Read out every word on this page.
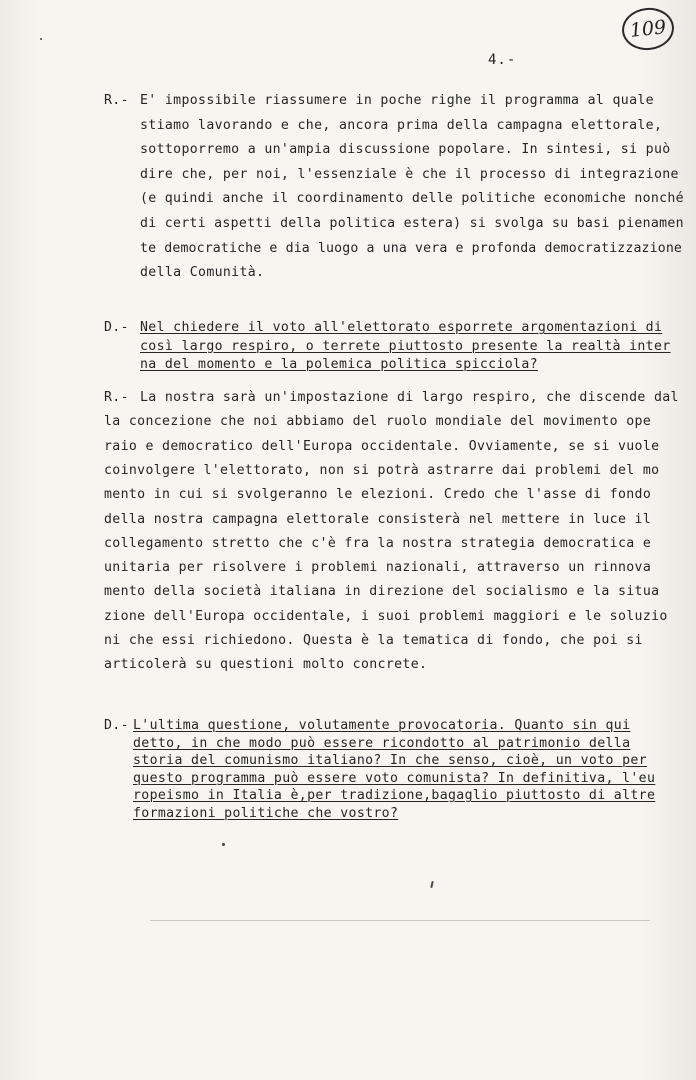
109
4.-
R.- E' impossibile riassumere in poche righe il programma al quale
stiamo lavorando e che, ancora prima della campagna elettorale,
sottoporremo a un'ampia discussione popolare. In sintesi, si può
dire che, per noi, l'essenziale è che il processo di integrazione
(e quindi anche il coordinamento delle politiche economiche nonché
di certi aspetti della politica estera) si svolga su basi pienamen
te democratiche e dia luogo a una vera e profonda democratizzazione
della Comunità.
D.- Nel chiedere il voto all'elettorato esporrete argomentazioni di
così largo respiro, o terrete piuttosto presente la realtà inter
na del momento e la polemica politica spicciola?
R.- La nostra sarà un'impostazione di largo respiro, che discende dal
la concezione che noi abbiamo del ruolo mondiale del movimento ope
raio e democratico dell'Europa occidentale. Ovviamente, se si vuole
coinvolgere l'elettorato, non si potrà astrarre dai problemi del mo
mento in cui si svolgeranno le elezioni. Credo che l'asse di fondo
della nostra campagna elettorale consisterà nel mettere in luce il
collegamento stretto che c'è fra la nostra strategia democratica e
unitaria per risolvere i problemi nazionali, attraverso un rinnova
mento della società italiana in direzione del socialismo e la situa
zione dell'Europa occidentale, i suoi problemi maggiori e le soluzio
ni che essi richiedono. Questa è la tematica di fondo, che poi si
articolerà su questioni molto concrete.
D.- L'ultima questione, volutamente provocatoria. Quanto sin qui
detto, in che modo può essere ricondotto al patrimonio della
storia del comunismo italiano? In che senso, cioè, un voto per
questo programma può essere voto comunista? In definitiva, l'eu
ropeismo in Italia è,per tradizione,bagaglio piuttosto di altre
formazioni politiche che vostro?
